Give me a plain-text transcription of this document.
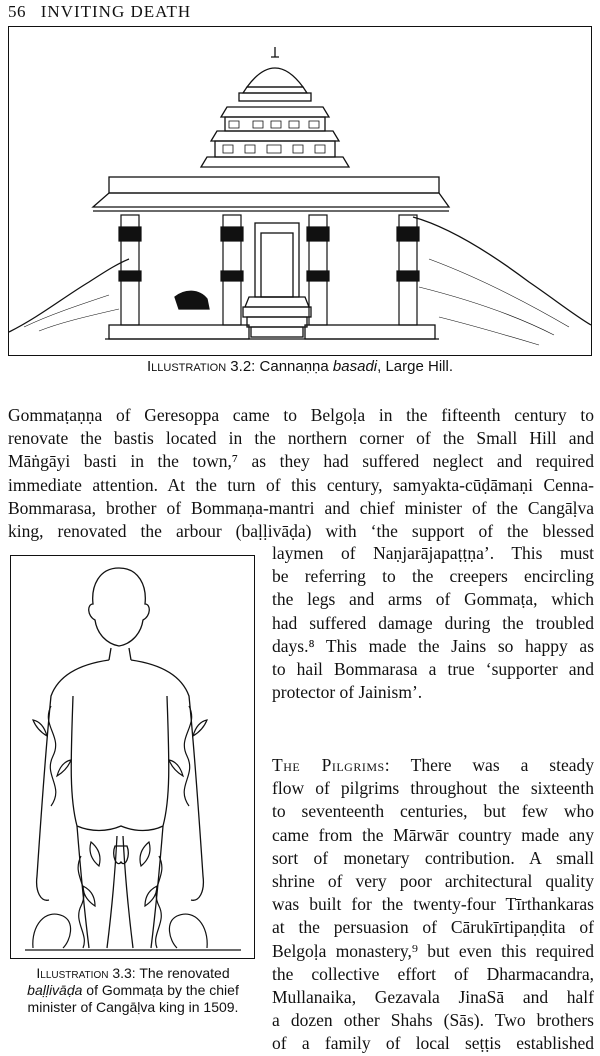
56 INVITING DEATH
Illustration 3.2: Cannaṇṇa basadi, Large Hill.
Gommaṭaṇṇa of Geresoppa came to Belgoḷa in the fifteenth century to
renovate the bastis located in the northern corner of the Small Hill and
Māṅgāyi basti in the town,⁷ as they had suffered neglect and required
immediate attention. At the turn of this century, samyakta-cūḍāmaṇi Cenna-
Bommarasa, brother of Bommaṇa-mantri and chief minister of the Cangāḷva
king, renovated the arbour (baḷḷivāḍa) with ‘the support of the blessed
laymen of Naṇjarājapaṭṭṇa’. This must
be referring to the creepers encircling
the legs and arms of Gommaṭa, which
had suffered damage during the troubled
days.⁸ This made the Jains so happy as
to hail Bommarasa a true ‘supporter and
protector of Jainism’.
Illustration 3.3: The renovated
baḷḷivāḍa of Gommaṭa by the chief
minister of Cangāḷva king in 1509.
The Pilgrims: There was a steady
flow of pilgrims throughout the sixteenth
to seventeenth centuries, but few who
came from the Mārwār country made any
sort of monetary contribution. A small
shrine of very poor architectural quality
was built for the twenty-four Tīrthankaras
at the persuasion of Cārukīrtipaṇḍita of
Belgoḷa monastery,⁹ but even this required
the collective effort of Dharmacandra,
Mullanaika, Gezavala JinaSā and half
a dozen other Shahs (Sās). Two brothers
of a family of local seṭṭis established
